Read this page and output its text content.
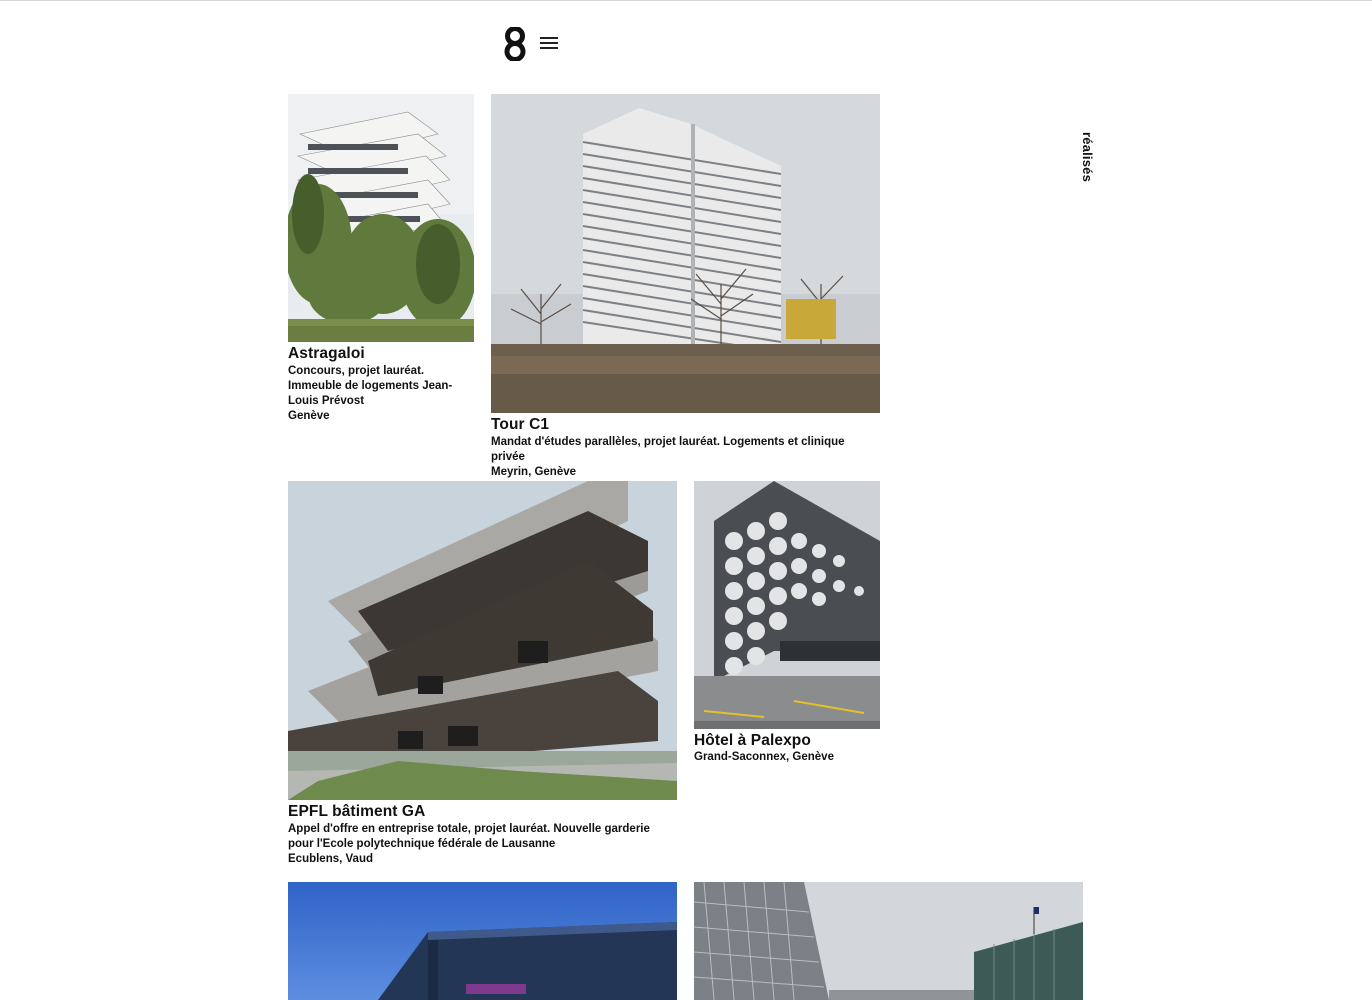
réalisés
Astragaloi
Concours, projet lauréat. Immeuble de logements Jean-Louis Prévost
Genève	Tour C1
Mandat d'études parallèles, projet lauréat. Logements et clinique privée
Meyrin, Genève
EPFL bâtiment GA
Appel d'offre en entreprise totale, projet lauréat. Nouvelle garderie pour l'Ecole polytechnique fédérale de Lausanne
Ecublens, Vaud
Hôtel à Palexpo
Grand-Saconnex, Genève
